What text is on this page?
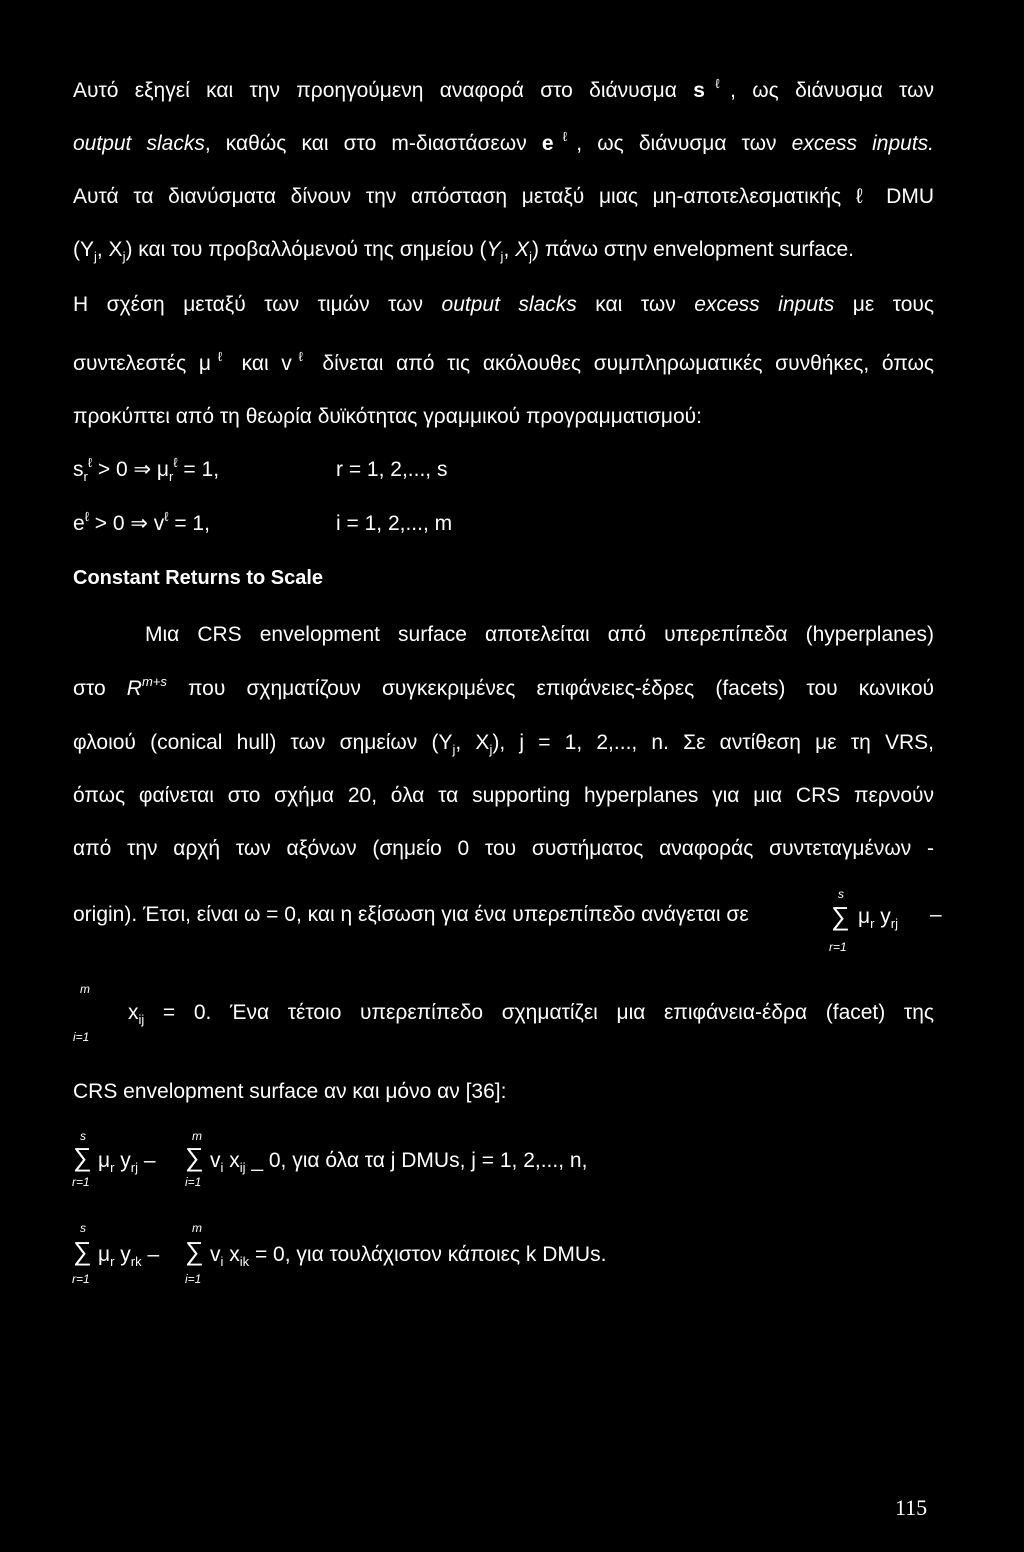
Αυτό εξηγεί και την προηγούμενη αναφορά στο διάνυσμα $s^\ell$, ως διάνυσμα των
output slacks, καθώς και στο m-διαστάσεων $e^\ell$, ως διάνυσμα των excess inputs.
Αυτά τα διανύσματα δίνουν την απόσταση μεταξύ μιας μη-αποτελεσματικής ℓ DMU
($Y_j$, $X_j$) και του προβαλλόμενού της σημείου ($Y_j$, $X_j$) πάνω στην envelopment surface.
Η σχέση μεταξύ των τιμών των output slacks και των excess inputs με τους
συντελεστές $\mu^\ell$ και $v^\ell$ δίνεται από τις ακόλουθες συμπληρωματικές συνθήκες, όπως
προκύπτει από τη θεωρία δυϊκότητας γραμμικού προγραμματισμού:
$s_r^\ell > 0$ ⇒ $\mu_r^\ell = 1$,	r = 1, 2,..., s
$e^\ell > 0$ ⇒ $v^\ell = 1$,	i = 1, 2,..., m
Constant Returns to Scale
Μια CRS envelopment surface αποτελείται από υπερεπίπεδα (hyperplanes)
στο $R^{m+s}$ που σχηματίζουν συγκεκριμένες επιφάνειες-έδρες (facets) του κωνικού
φλοιού (conical hull) των σημείων ($Y_j$, $X_j$), j = 1, 2,..., n. Σε αντίθεση με τη VRS,
όπως φαίνεται στο σχήμα 20, όλα τα supporting hyperplanes για μια CRS περνούν
από την αρχή των αξόνων (σημείο 0 του συστήματος αναφοράς συντεταγμένων -
origin). Έτσι, είναι ω = 0, και η εξίσωση για ένα υπερεπίπεδο ανάγεται σε
s
∑
r=1
$\mu_r$ $y_{rj}$ –
m
i=1
$x_{ij} = 0$. Ένα τέτοιο υπερεπίπεδο σχηματίζει μια επιφάνεια-έδρα (facet) της
CRS envelopment surface αν και μόνο αν [36]:
s
∑
r=1
$\mu_r$ $y_{rj}$ –
m
∑
i=1
$v_i$ $x_{ij}$ _ 0, για όλα τα j DMUs, j = 1, 2,..., n,
s
∑
r=1
$\mu_r$ $y_{rk}$ –
m
∑
i=1
$v_i$ $x_{ik} = 0$, για τουλάχιστον κάποιες k DMUs.
115
